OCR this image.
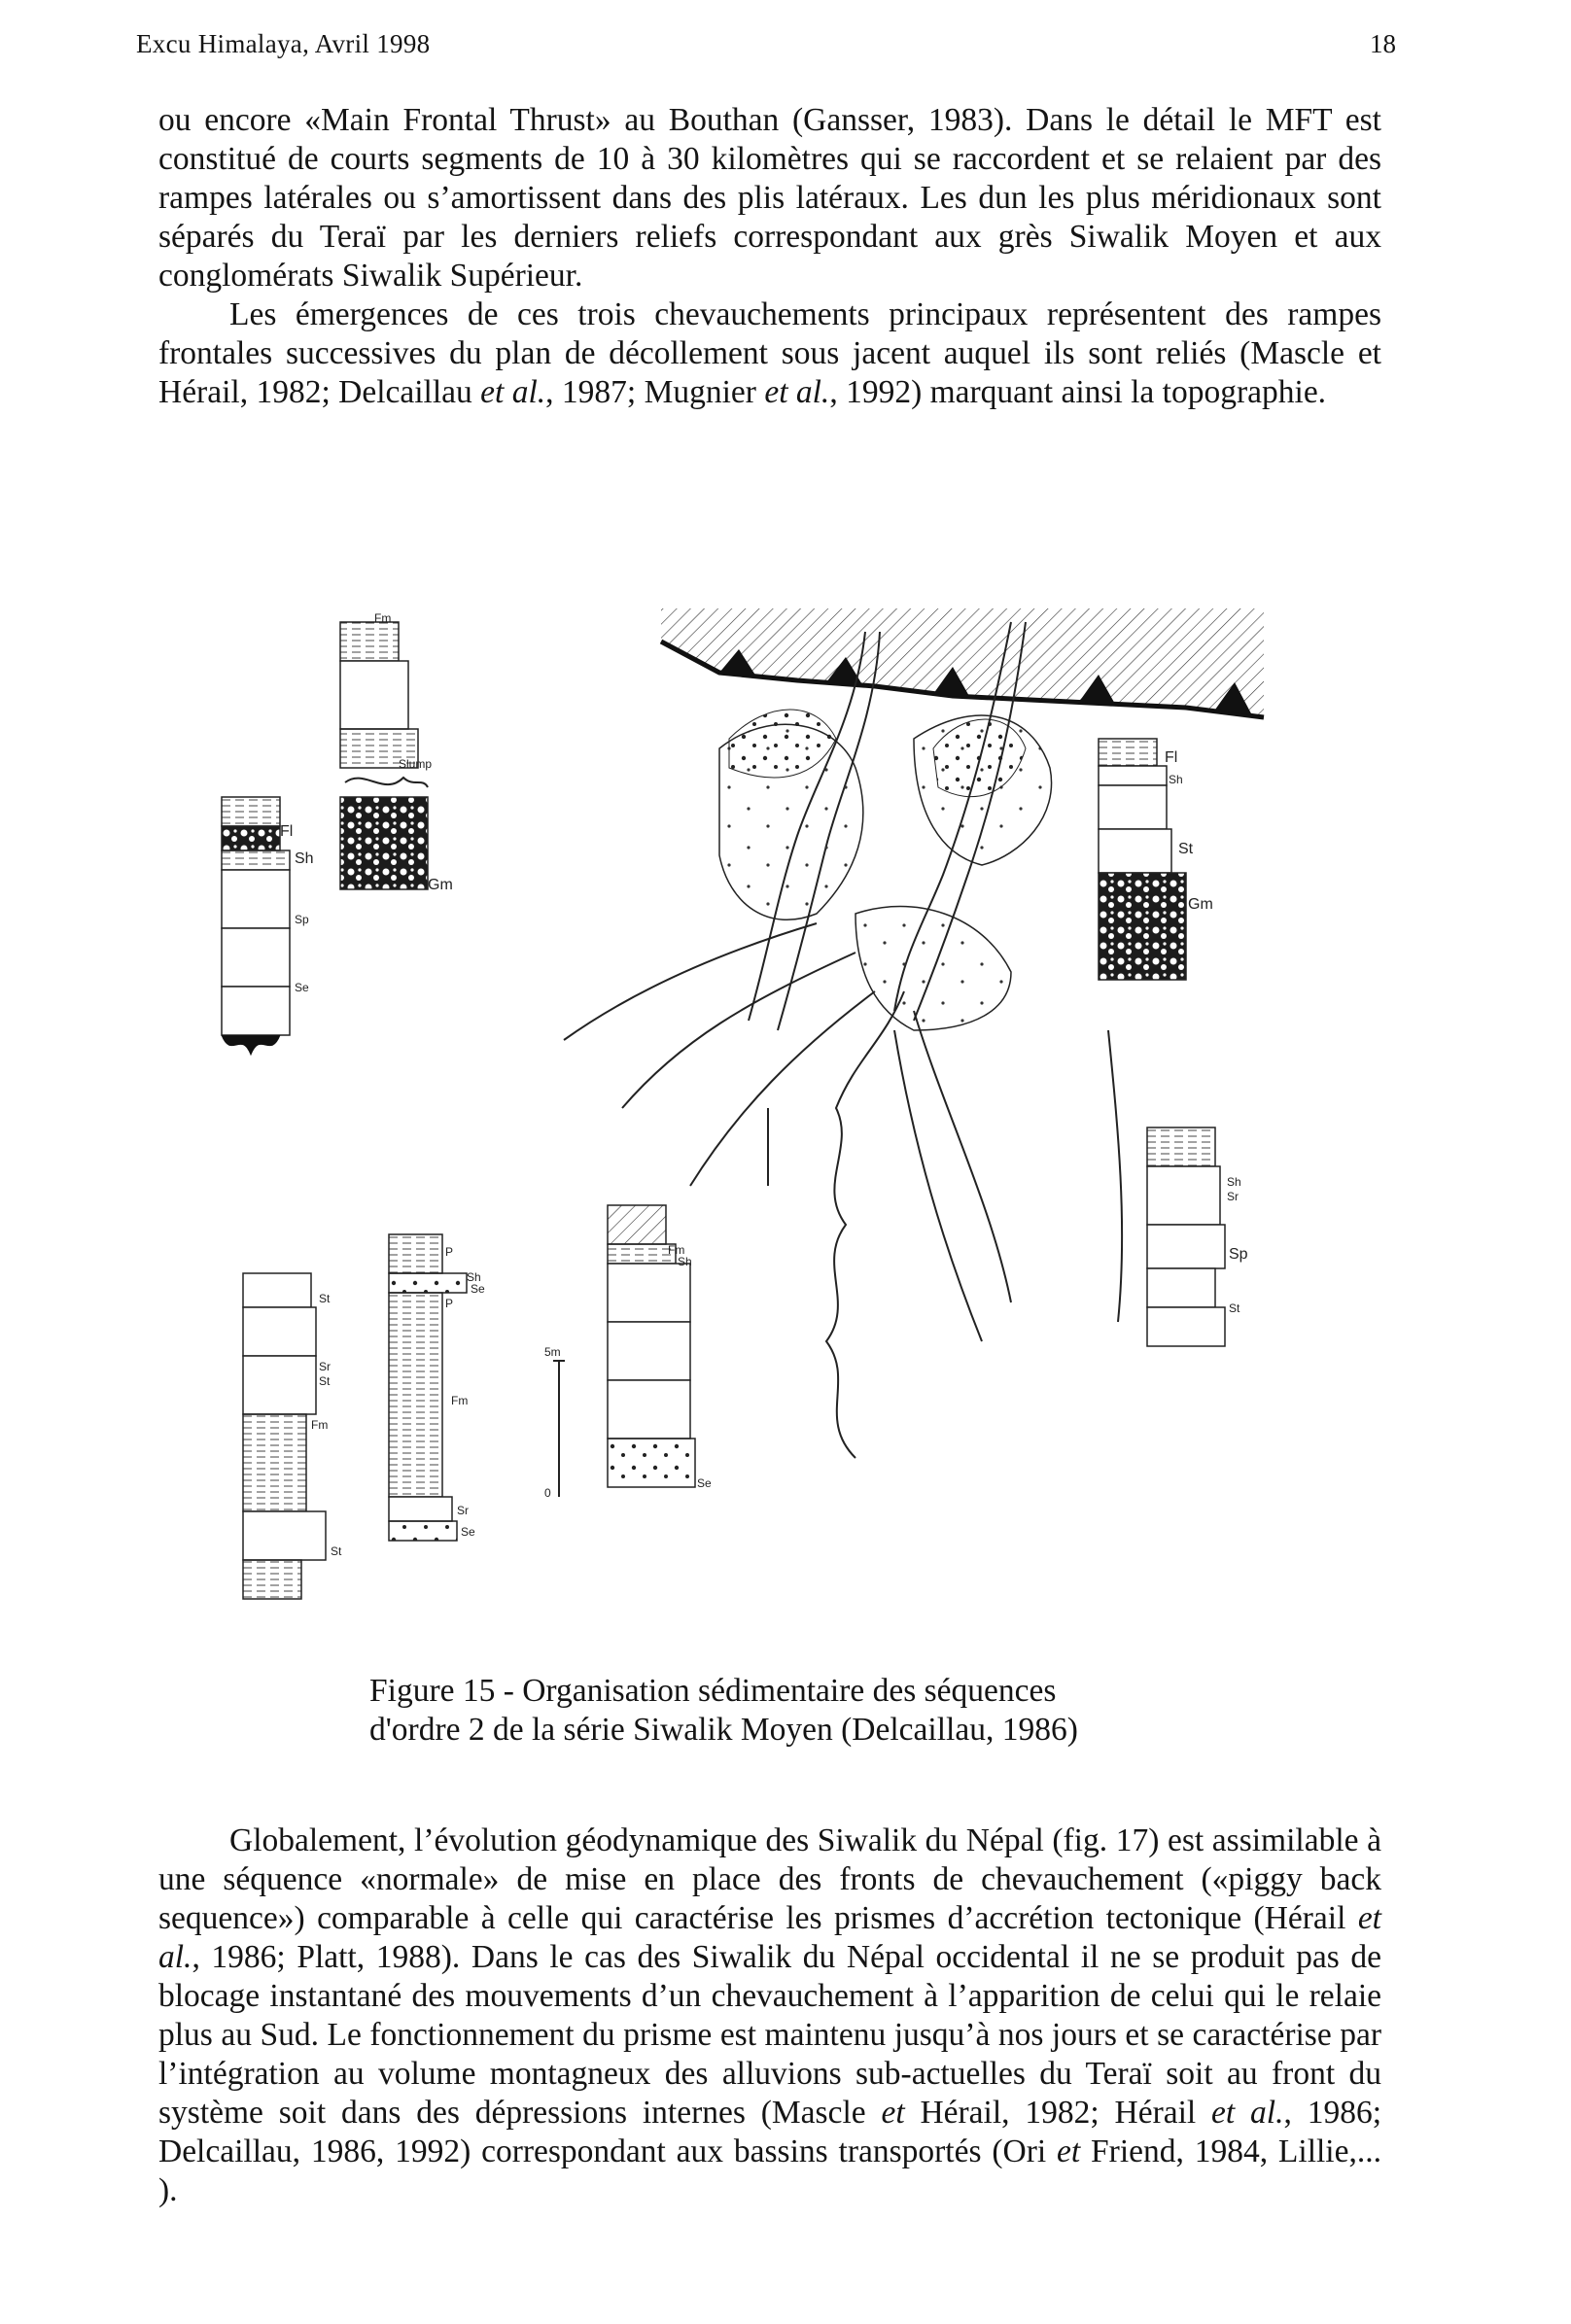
Excu Himalaya, Avril 1998	18

ou encore «Main Frontal Thrust» au Bouthan (Gansser, 1983). Dans le détail le MFT est constitué de courts segments de 10 à 30 kilomètres qui se raccordent et se relaient par des rampes latérales ou s’amortissent dans des plis latéraux. Les dun les plus méridionaux sont séparés du Teraï par les derniers reliefs correspondant aux grès Siwalik Moyen et aux conglomérats Siwalik Supérieur.

Les émergences de ces trois chevauchements principaux représentent des rampes frontales successives du plan de décollement sous jacent auquel ils sont reliés (Mascle et Hérail, 1982; Delcaillau et al., 1987; Mugnier et al., 1992) marquant ainsi la topographie.

Fm
Slump
Gm
Fl
Sh
Sp
Se
Fl
Sh
St
Gm
Sh
Sr
Sp
St
St
Sr
St
Fm
St
P
Sh
Se
P
Fm
Sr
Se
Fm
Sh
5m
0
Se
Figure 15 - Organisation sédimentaire des séquences
d'ordre 2 de la série Siwalik Moyen (Delcaillau, 1986)

Globalement, l’évolution géodynamique des Siwalik du Népal (fig. 17) est assimilable à une séquence «normale» de mise en place des fronts de chevauchement («piggy back sequence») comparable à celle qui caractérise les prismes d’accrétion tectonique (Hérail et al., 1986; Platt, 1988). Dans le cas des Siwalik du Népal occidental il ne se produit pas de blocage instantané des mouvements d’un chevauchement à l’apparition de celui qui le relaie plus au Sud. Le fonctionnement du prisme est maintenu jusqu’à nos jours et se caractérise par l’intégration au volume montagneux des alluvions sub-actuelles du Teraï soit au front du système soit dans des dépressions internes (Mascle et Hérail, 1982; Hérail et al., 1986; Delcaillau, 1986, 1992) correspondant aux bassins transportés (Ori et Friend, 1984, Lillie,... ).
